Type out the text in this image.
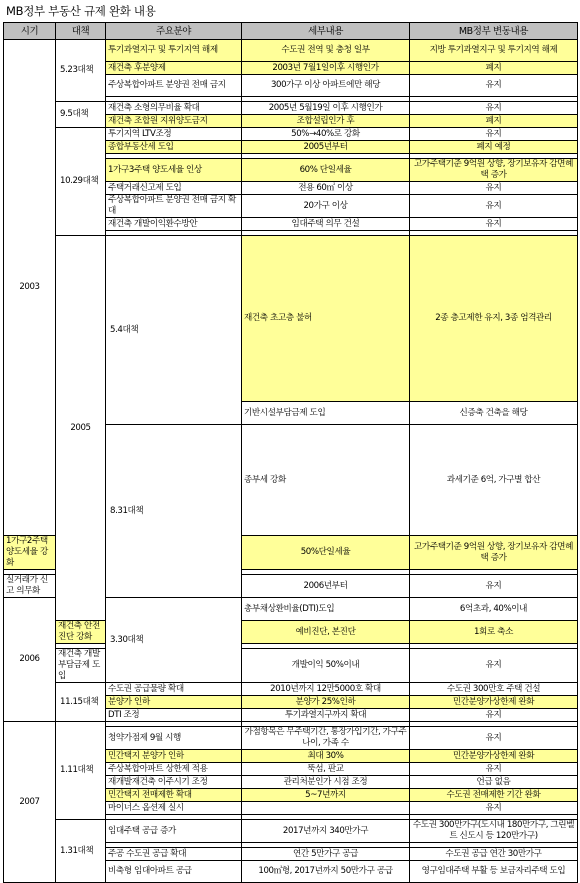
MB정부 부동산 규제 완화 내용
시기	대책	주요분야	세부내용	MB정부 변동내용	
2003	5.23대책	투기과열지구 및 투기지역 해제	수도권 전역 및 충청 일부	지방 투기과열지구 및 투기지역 해제	
		재건축 후분양제	2003년 7월1일이후 시행인가	폐지	
		주상복합아파트 분양권 전매 금지	300가구 이상 아파트에만 해당	유지	

	9.5대책	재건축 소형의무비율 확대	2005년 5월19일 이후 시행인가	유지	
		재건축 조합원 지위양도금지	조합설립인가 후	폐지	
	10.29대책	투기지역 LTV조정	50%→40%로 강화	유지	
		종합부동산세 도입	2005년부터	폐지 예정	

		1가구3주택 양도세율 인상	60% 단일세율	고가주택기준 9억원 상향, 장기보유자 감면혜택 증가	
		주택거래신고제 도입	전용 60㎡ 이상	유지	
		주상복합아파트 분양권 전매 금지 확대	20가구 이상	유지	
		재건축 개발이익환수방안	임대주택 의무 건설	유지	

	2005	5.4대책	재건축 초고층 불허	2종 층고제한 유지, 3종 엄격관리	
			기반시설부담금제 도입	신증축 건축을 해당	
		8.31대책	종부세 강화	과세기준 6억, 가구별 합산	
1가구2주택 양도세율 강화			50%단일세율	고가주택기준 9억원 상향, 장기보유자 감면혜택 증가	

실거래가 신고 의무화			2006년부터	유지	
2006		3.30대책	총부채상환비율(DTI)도입	6억초과, 40%이내	
	재건축 안전진단 강화		예비진단, 본진단	1회로 축소	

	재건축 개발부담금제 도입		개발이익 50%이내	유지	
	11.15대책	수도권 공급물량 확대	2010년까지 12만5000호 확대	수도권 300만호 주택 건설	
		분양가 인하	분양가 25%인하	민간분양가상한제 완화	
		DTI 조정	투기과열지구까지 확대	유지	
2007	1.11대책				
		청약가점제 9월 시행	가점항목은 무주택기간, 통장가입기간, 가구주 나이, 가족 수	유지	
		민간택지 분양가 인하	최대 30%	민간분양가상한제 완화	
		주상복합아파트 상한제 적용	뚝섬, 판교	유지	
		재개발재건축 이주시기 조정	관리처분인가 시점 조정	언급 없음	
		민간택지 전매제한 확대	5~7년까지	수도권 전매제한 기간 완화	
		마이너스 옵션제 실시		유지	

	1.31대책	임대주택 공급 증가	2017년까지 340만가구	수도권 300만가구(도시내 180만가구, 그린벨트 신도시 등 120만가구)	

		주공 수도권 공급 확대	연간 5만가구 공급	수도권 공급 연간 30만가구	
		비축형 임대아파트 공급	100㎡형, 2017년까지 50만가구 공급	영구임대주택 부활 등 보금자리주택 도입	
